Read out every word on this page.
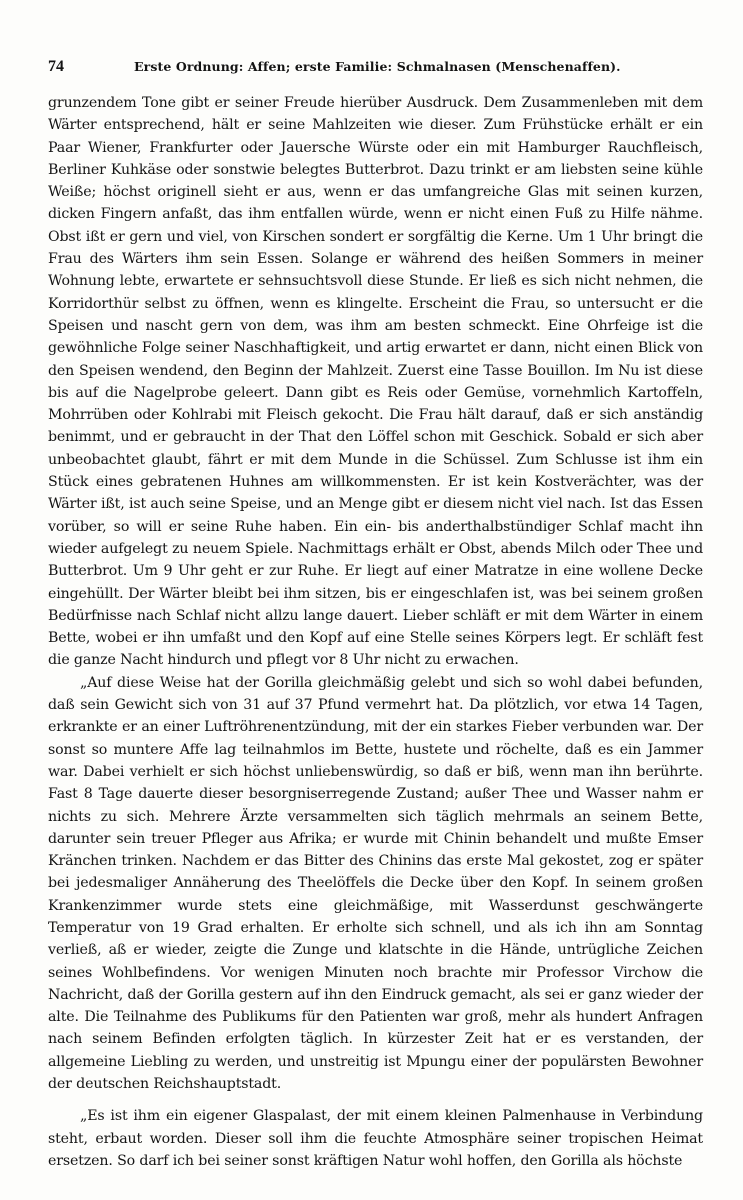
74	Erste Ordnung: Affen; erste Familie: Schmalnasen (Menschenaffen).

grunzendem Tone gibt er seiner Freude hierüber Ausdruck. Dem Zusammenleben mit dem Wärter entsprechend, hält er seine Mahlzeiten wie dieser. Zum Frühstücke erhält er ein Paar Wiener, Frankfurter oder Jauersche Würste oder ein mit Hamburger Rauchfleisch, Berliner Kuhkäse oder sonstwie belegtes Butterbrot. Dazu trinkt er am liebsten seine kühle Weiße; höchst originell sieht er aus, wenn er das umfangreiche Glas mit seinen kurzen, dicken Fingern anfaßt, das ihm entfallen würde, wenn er nicht einen Fuß zu Hilfe nähme. Obst ißt er gern und viel, von Kirschen sondert er sorgfältig die Kerne. Um 1 Uhr bringt die Frau des Wärters ihm sein Essen. Solange er während des heißen Sommers in meiner Wohnung lebte, erwartete er sehnsuchtsvoll diese Stunde. Er ließ es sich nicht nehmen, die Korridorthür selbst zu öffnen, wenn es klingelte. Erscheint die Frau, so untersucht er die Speisen und nascht gern von dem, was ihm am besten schmeckt. Eine Ohrfeige ist die gewöhnliche Folge seiner Naschhaftigkeit, und artig erwartet er dann, nicht einen Blick von den Speisen wendend, den Beginn der Mahlzeit. Zuerst eine Tasse Bouillon. Im Nu ist diese bis auf die Nagelprobe geleert. Dann gibt es Reis oder Gemüse, vornehmlich Kartoffeln, Mohrrüben oder Kohlrabi mit Fleisch gekocht. Die Frau hält darauf, daß er sich anständig benimmt, und er gebraucht in der That den Löffel schon mit Geschick. Sobald er sich aber unbeobachtet glaubt, fährt er mit dem Munde in die Schüssel. Zum Schlusse ist ihm ein Stück eines gebratenen Huhnes am willkommensten. Er ist kein Kostverächter, was der Wärter ißt, ist auch seine Speise, und an Menge gibt er diesem nicht viel nach. Ist das Essen vorüber, so will er seine Ruhe haben. Ein ein- bis anderthalbstündiger Schlaf macht ihn wieder aufgelegt zu neuem Spiele. Nachmittags erhält er Obst, abends Milch oder Thee und Butterbrot. Um 9 Uhr geht er zur Ruhe. Er liegt auf einer Matratze in eine wollene Decke eingehüllt. Der Wärter bleibt bei ihm sitzen, bis er eingeschlafen ist, was bei seinem großen Bedürfnisse nach Schlaf nicht allzu lange dauert. Lieber schläft er mit dem Wärter in einem Bette, wobei er ihn umfaßt und den Kopf auf eine Stelle seines Körpers legt. Er schläft fest die ganze Nacht hindurch und pflegt vor 8 Uhr nicht zu erwachen.

„Auf diese Weise hat der Gorilla gleichmäßig gelebt und sich so wohl dabei befunden, daß sein Gewicht sich von 31 auf 37 Pfund vermehrt hat. Da plötzlich, vor etwa 14 Tagen, erkrankte er an einer Luftröhrenentzündung, mit der ein starkes Fieber verbunden war. Der sonst so muntere Affe lag teilnahmlos im Bette, hustete und röchelte, daß es ein Jammer war. Dabei verhielt er sich höchst unliebenswürdig, so daß er biß, wenn man ihn berührte. Fast 8 Tage dauerte dieser besorgniserregende Zustand; außer Thee und Wasser nahm er nichts zu sich. Mehrere Ärzte versammelten sich täglich mehrmals an seinem Bette, darunter sein treuer Pfleger aus Afrika; er wurde mit Chinin behandelt und mußte Emser Kränchen trinken. Nachdem er das Bitter des Chinins das erste Mal gekostet, zog er später bei jedesmaliger Annäherung des Theelöffels die Decke über den Kopf. In seinem großen Krankenzimmer wurde stets eine gleichmäßige, mit Wasserdunst geschwängerte Temperatur von 19 Grad erhalten. Er erholte sich schnell, und als ich ihn am Sonntag verließ, aß er wieder, zeigte die Zunge und klatschte in die Hände, untrügliche Zeichen seines Wohlbefindens. Vor wenigen Minuten noch brachte mir Professor Virchow die Nachricht, daß der Gorilla gestern auf ihn den Eindruck gemacht, als sei er ganz wieder der alte. Die Teilnahme des Publikums für den Patienten war groß, mehr als hundert Anfragen nach seinem Befinden erfolgten täglich. In kürzester Zeit hat er es verstanden, der allgemeine Liebling zu werden, und unstreitig ist Mpungu einer der populärsten Bewohner der deutschen Reichshauptstadt.

„Es ist ihm ein eigener Glaspalast, der mit einem kleinen Palmenhause in Verbindung steht, erbaut worden. Dieser soll ihm die feuchte Atmosphäre seiner tropischen Heimat ersetzen. So darf ich bei seiner sonst kräftigen Natur wohl hoffen, den Gorilla als höchste
